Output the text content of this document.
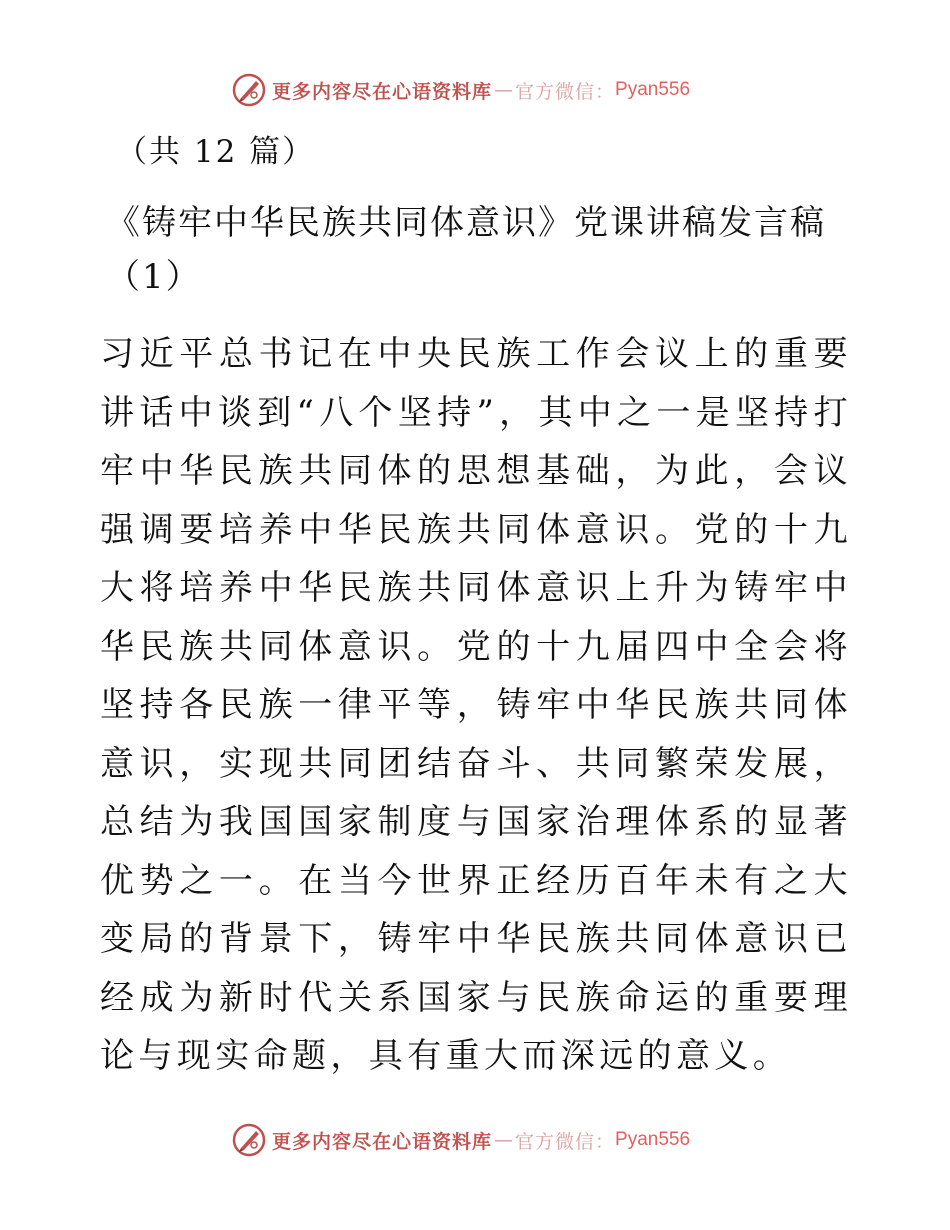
更多内容尽在心语资料库 — 官方微信： Pyan556
（共 12 篇）
《铸牢中华民族共同体意识》党课讲稿发言稿（1）

习近平总书记在中央民族工作会议上的重要讲话中谈到“八个坚持”，其中之一是坚持打牢中华民族共同体的思想基础，为此，会议强调要培养中华民族共同体意识。党的十九大将培养中华民族共同体意识上升为铸牢中华民族共同体意识。党的十九届四中全会将坚持各民族一律平等，铸牢中华民族共同体意识，实现共同团结奋斗、共同繁荣发展，总结为我国国家制度与国家治理体系的显著优势之一。在当今世界正经历百年未有之大变局的背景下，铸牢中华民族共同体意识已经成为新时代关系国家与民族命运的重要理论与现实命题，具有重大而深远的意义。

更多内容尽在心语资料库 — 官方微信： Pyan556
